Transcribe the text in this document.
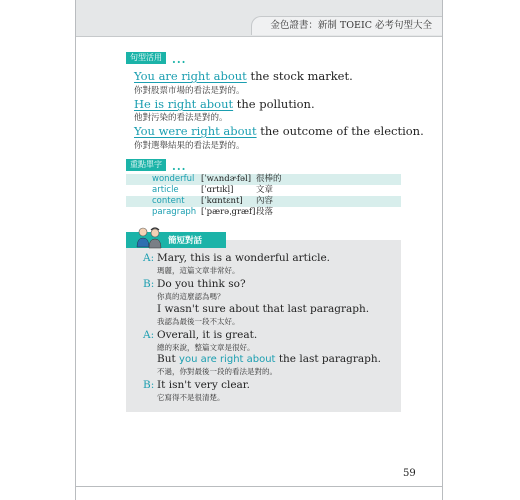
金色證書：新制 TOEIC 必考句型大全
句型活用 ...
You are right about the stock market.
你對股票市場的看法是對的。
He is right about the pollution.
他對污染的看法是對的。
You were right about the outcome of the election.
你對選舉結果的看法是對的。
重點單字 ...
wonderful [ˈwʌndɚfəl] 很棒的
article	[ˈɑrtɪkḷ]	文章
content [ˈkɑntɛnt] 內容
paragraph [ˈpærəˌgræf] 段落
簡短對話
A: Mary, this is a wonderful article.
瑪麗，這篇文章非常好。
B: Do you think so?
你真的這麼認為嗎？
I wasn't sure about that last paragraph.
我認為最後一段不太好。
A: Overall, it is great.
總的來說，整篇文章是很好。
But you are right about the last paragraph.
不過，你對最後一段的看法是對的。
B: It isn't very clear.
它寫得不是很清楚。
59
